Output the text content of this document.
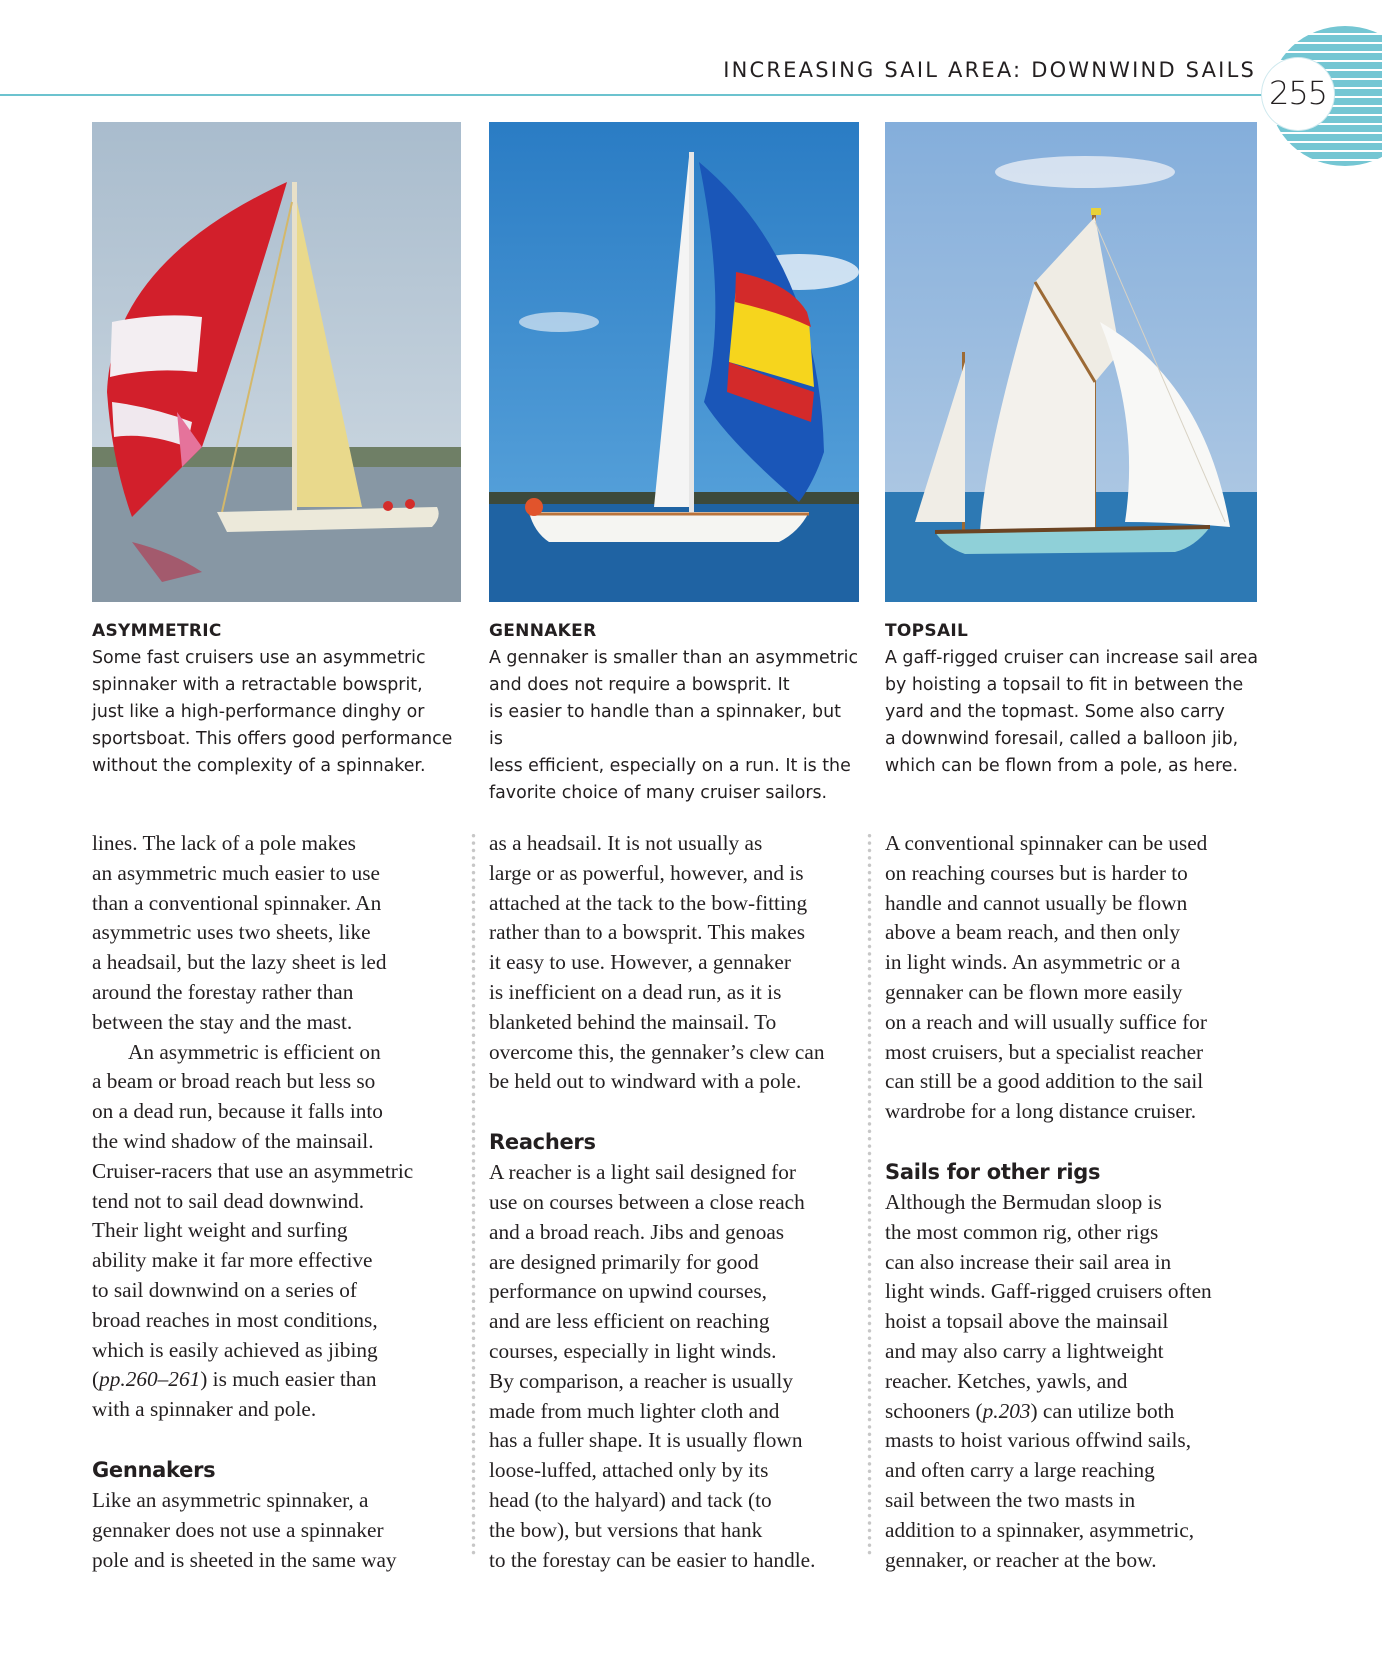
INCREASING SAIL AREA: DOWNWIND SAILS
255
ASYMMETRIC
Some fast cruisers use an asymmetric
spinnaker with a retractable bowsprit,
just like a high-performance dinghy or
sportsboat. This offers good performance
without the complexity of a spinnaker.
GENNAKER
A gennaker is smaller than an asymmetric
and does not require a bowsprit. It
is easier to handle than a spinnaker, but is
less efficient, especially on a run. It is the
favorite choice of many cruiser sailors.
TOPSAIL
A gaff-rigged cruiser can increase sail area
by hoisting a topsail to fit in between the
yard and the topmast. Some also carry
a downwind foresail, called a balloon jib,
which can be flown from a pole, as here.

lines. The lack of a pole makes
an asymmetric much easier to use
than a conventional spinnaker. An
asymmetric uses two sheets, like
a headsail, but the lazy sheet is led
around the forestay rather than
between the stay and the mast.

An asymmetric is efficient on
a beam or broad reach but less so
on a dead run, because it falls into
the wind shadow of the mainsail.
Cruiser-racers that use an asymmetric
tend not to sail dead downwind.
Their light weight and surfing
ability make it far more effective
to sail downwind on a series of
broad reaches in most conditions,
which is easily achieved as jibing
(pp.260–261) is much easier than
with a spinnaker and pole.

Gennakers

Like an asymmetric spinnaker, a
gennaker does not use a spinnaker
pole and is sheeted in the same way

as a headsail. It is not usually as
large or as powerful, however, and is
attached at the tack to the bow-fitting
rather than to a bowsprit. This makes
it easy to use. However, a gennaker
is inefficient on a dead run, as it is
blanketed behind the mainsail. To
overcome this, the gennaker’s clew can
be held out to windward with a pole.

Reachers

A reacher is a light sail designed for
use on courses between a close reach
and a broad reach. Jibs and genoas
are designed primarily for good
performance on upwind courses,
and are less efficient on reaching
courses, especially in light winds.
By comparison, a reacher is usually
made from much lighter cloth and
has a fuller shape. It is usually flown
loose-luffed, attached only by its
head (to the halyard) and tack (to
the bow), but versions that hank
to the forestay can be easier to handle.

A conventional spinnaker can be used
on reaching courses but is harder to
handle and cannot usually be flown
above a beam reach, and then only
in light winds. An asymmetric or a
gennaker can be flown more easily
on a reach and will usually suffice for
most cruisers, but a specialist reacher
can still be a good addition to the sail
wardrobe for a long distance cruiser.

Sails for other rigs

Although the Bermudan sloop is
the most common rig, other rigs
can also increase their sail area in
light winds. Gaff-rigged cruisers often
hoist a topsail above the mainsail
and may also carry a lightweight
reacher. Ketches, yawls, and
schooners (p.203) can utilize both
masts to hoist various offwind sails,
and often carry a large reaching
sail between the two masts in
addition to a spinnaker, asymmetric,
gennaker, or reacher at the bow.
